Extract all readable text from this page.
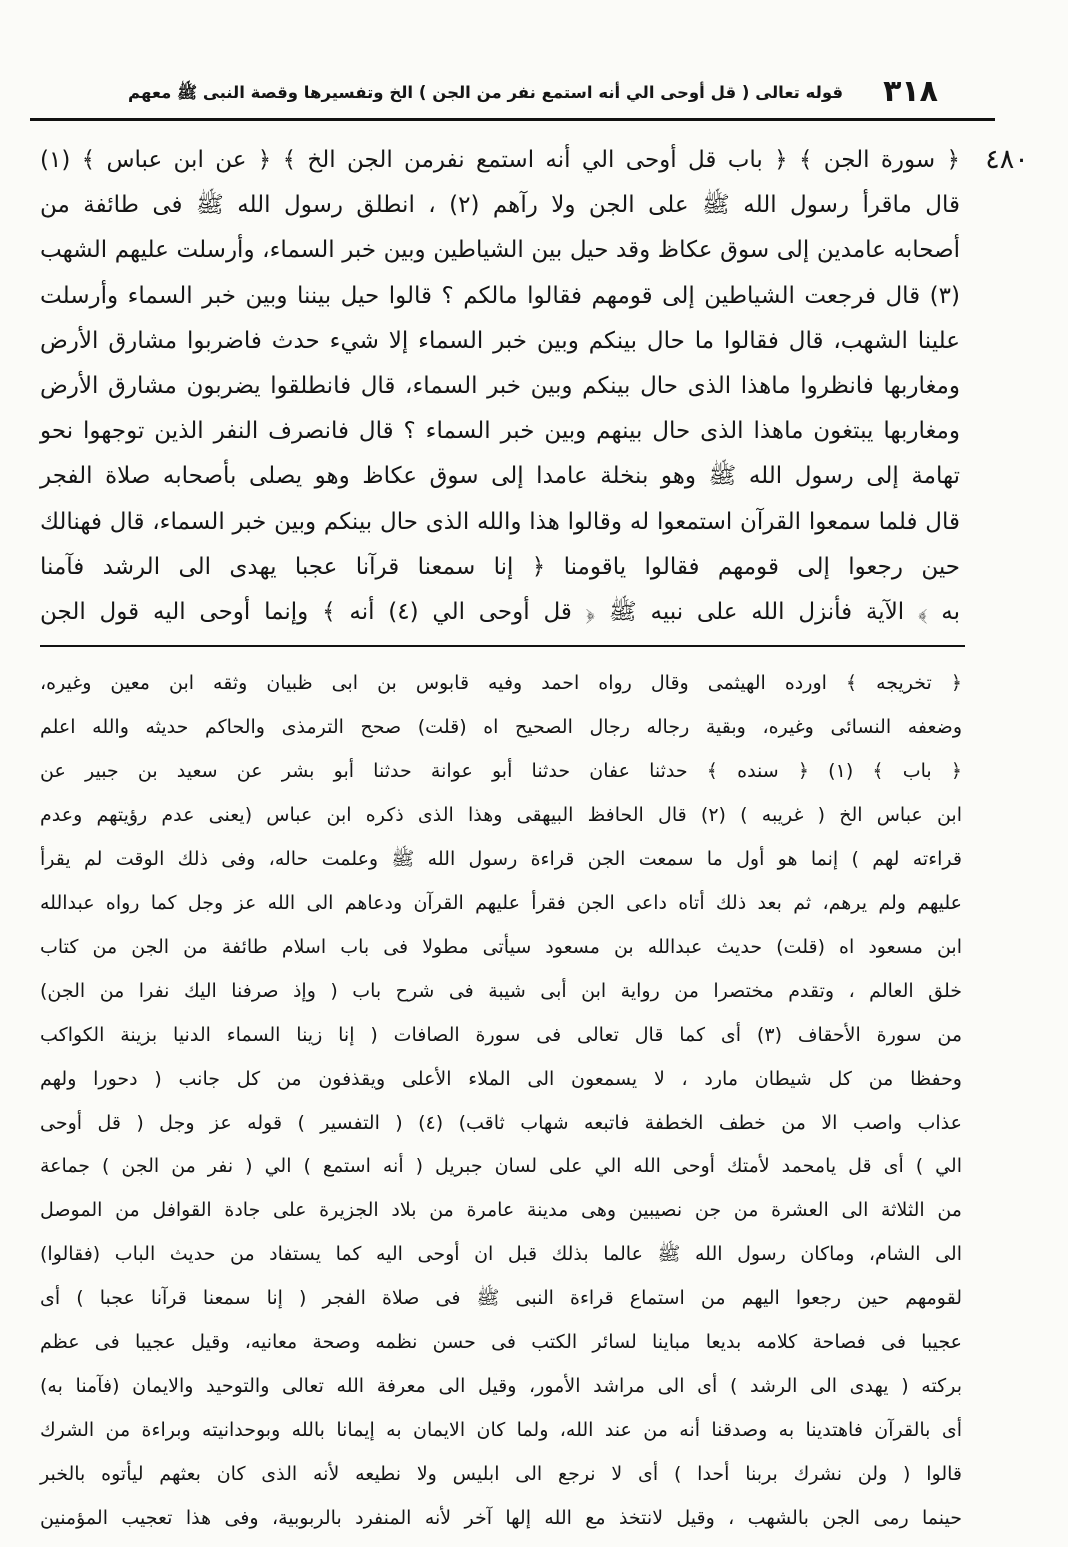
٣١٨
قوله تعالى ( قل أوحى الي أنه استمع نفر من الجن ) الخ وتفسيرها وقصة النبى ﷺ معهم
٤٨٠
﴿ سورة الجن ﴾ ﴿ باب قل أوحى الي أنه استمع نفرمن الجن الخ ﴾ ﴿ عن ابن عباس ﴾ (١)
قال ماقرأ رسول الله ﷺ على الجن ولا رآهم (٢) ، انطلق رسول الله ﷺ فى طائفة من
أصحابه عامدين إلى سوق عكاظ وقد حيل بين الشياطين وبين خبر السماء، وأرسلت عليهم الشهب
(٣) قال فرجعت الشياطين إلى قومهم فقالوا مالكم ؟ قالوا حيل بيننا وبين خبر السماء وأرسلت
علينا الشهب، قال فقالوا ما حال بينكم وبين خبر السماء إلا شيء حدث فاضربوا مشارق الأرض
ومغاربها فانظروا ماهذا الذى حال بينكم وبين خبر السماء، قال فانطلقوا يضربون مشارق الأرض
ومغاربها يبتغون ماهذا الذى حال بينهم وبين خبر السماء ؟ قال فانصرف النفر الذين توجهوا نحو
تهامة إلى رسول الله ﷺ وهو بنخلة عامدا إلى سوق عكاظ وهو يصلى بأصحابه صلاة الفجر
قال فلما سمعوا القرآن استمعوا له وقالوا هذا والله الذى حال بينكم وبين خبر السماء، قال فهنالك
حين رجعوا إلى قومهم فقالوا ياقومنا ﴿ إنا سمعنا قرآنا عجبا يهدى الى الرشد فآمنا
به ﴾ الآية فأنزل الله على نبيه ﷺ ﴿ قل أوحى الي (٤) أنه ﴾ وإنما أوحى اليه قول الجن
﴿ تخريجه ﴾ اورده الهيثمى وقال رواه احمد وفيه قابوس بن ابى ظبيان وثقه ابن معين وغيره،
وضعفه النسائى وغيره، وبقية رجاله رجال الصحيح اه (قلت) صحح الترمذى والحاكم حديثه والله اعلم
﴿ باب ﴾ (١) ﴿ سنده ﴾ حدثنا عفان حدثنا أبو عوانة حدثنا أبو بشر عن سعيد بن جبير عن
ابن عباس الخ ( غريبه ) (٢) قال الحافظ البيهقى وهذا الذى ذكره ابن عباس (يعنى عدم رؤيتهم وعدم
قراءته لهم ) إنما هو أول ما سمعت الجن قراءة رسول الله ﷺ وعلمت حاله، وفى ذلك الوقت لم يقرأ
عليهم ولم يرهم، ثم بعد ذلك أتاه داعى الجن فقرأ عليهم القرآن ودعاهم الى الله عز وجل كما رواه عبدالله
ابن مسعود اه (قلت) حديث عبدالله بن مسعود سيأتى مطولا فى باب اسلام طائفة من الجن من كتاب
خلق العالم ، وتقدم مختصرا من رواية ابن أبى شيبة فى شرح باب ( وإذ صرفنا اليك نفرا من الجن)
من سورة الأحقاف (٣) أى كما قال تعالى فى سورة الصافات ( إنا زينا السماء الدنيا بزينة الكواكب
وحفظا من كل شيطان مارد ، لا يسمعون الى الملاء الأعلى ويقذفون من كل جانب ( دحورا ولهم
عذاب واصب الا من خطف الخطفة فاتبعه شهاب ثاقب) (٤) ( التفسير ) قوله عز وجل ( قل أوحى
الي ) أى قل يامحمد لأمتك أوحى الله الي على لسان جبريل ( أنه استمع ) الي ( نفر من الجن ) جماعة
من الثلاثة الى العشرة من جن نصيبين وهى مدينة عامرة من بلاد الجزيرة على جادة القوافل من الموصل
الى الشام، وماكان رسول الله ﷺ عالما بذلك قبل ان أوحى اليه كما يستفاد من حديث الباب (فقالوا)
لقومهم حين رجعوا اليهم من استماع قراءة النبى ﷺ فى صلاة الفجر ( إنا سمعنا قرآنا عجبا ) أى
عجيبا فى فصاحة كلامه بديعا مباينا لسائر الكتب فى حسن نظمه وصحة معانيه، وقيل عجيبا فى عظم
بركته ( يهدى الى الرشد ) أى الى مراشد الأمور، وقيل الى معرفة الله تعالى والتوحيد والايمان (فآمنا به)
أى بالقرآن فاهتدينا به وصدقنا أنه من عند الله، ولما كان الايمان به إيمانا بالله وبوحدانيته وبراءة من الشرك
قالوا ( ولن نشرك بربنا أحدا ) أى لا نرجع الى ابليس ولا نطيعه لأنه الذى كان بعثهم ليأتوه بالخبر
حينما رمى الجن بالشهب ، وقيل لانتخذ مع الله إلها آخر لأنه المنفرد بالربوبية، وفى هذا تعجيب المؤمنين
